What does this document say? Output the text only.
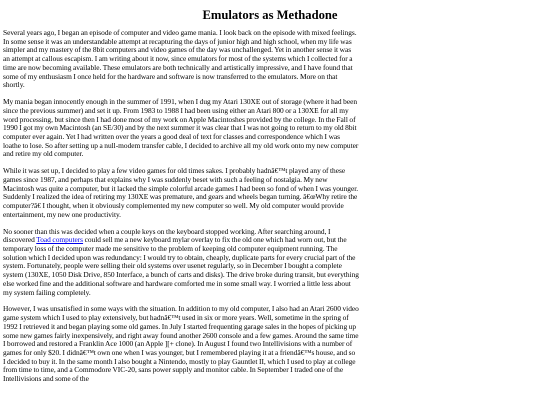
Emulators as Methadone

Several years ago, I began an episode of computer and video game mania. I look back on the episode with mixed feelings. In some sense it was an understandable attempt at recapturing the days of junior high and high school, when my life was simpler and my mastery of the 8bit computers and video games of the day was unchallenged. Yet in another sense it was an attempt at callous escapism. I am writing about it now, since emulators for most of the systems which I collected for a time are now becoming available. These emulators are both technically and artistically impressive, and I have found that some of my enthusiasm I once held for the hardware and software is now transferred to the emulators. More on that shortly.

My mania began innocently enough in the summer of 1991, when I dug my Atari 130XE out of storage (where it had been since the previous summer) and set it up. From 1983 to 1988 I had been using either an Atari 800 or a 130XE for all my word processing, but since then I had done most of my work on Apple Macintoshes provided by the college. In the Fall of 1990 I got my own Macintosh (an SE/30) and by the next summer it was clear that I was not going to return to my old 8bit computer ever again. Yet I had written over the years a good deal of text for classes and correspondence which I was loathe to lose. So after setting up a null-modem transfer cable, I decided to archive all my old work onto my new computer and retire my old computer.

While it was set up, I decided to play a few video games for old times sakes. I probably hadnâ€™t played any of these games since 1987, and perhaps that explains why I was suddenly beset with such a feeling of nostalgia. My new Macintosh was quite a computer, but it lacked the simple colorful arcade games I had been so fond of when I was younger. Suddenly I realized the idea of retiring my 130XE was premature, and gears and wheels began turning. â€œWhy retire the computer?â€ I thought, when it obviously complemented my new computer so well. My old computer would provide entertainment, my new one productivity.

No sooner than this was decided when a couple keys on the keyboard stopped working. After searching around, I discovered Toad computers could sell me a new keyboard mylar overlay to fix the old one which had worn out, but the temporary loss of the computer made me sensitive to the problem of keeping old computer equipment running. The solution which I decided upon was redundancy: I would try to obtain, cheaply, duplicate parts for every crucial part of the system. Fortunately, people were selling their old systems over usenet regularly, so in December I bought a complete system (130XE, 1050 Disk Drive, 850 Interface, a bunch of carts and disks). The drive broke during transit, but everything else worked fine and the additional software and hardware comforted me in some small way. I worried a little less about my system failing completely.

However, I was unsatisfied in some ways with the situation. In addition to my old computer, I also had an Atari 2600 video game system which I used to play extensively, but hadnâ€™t used in six or more years. Well, sometime in the spring of 1992 I retrieved it and began playing some old games. In July I started frequenting garage sales in the hopes of picking up some new games fairly inexpensively, and right away found another 2600 console and a few games. Around the same time I borrowed and restored a Franklin Ace 1000 (an Apple ][+ clone). In August I found two Intellivisions with a number of games for only $20. I didnâ€™t own one when I was younger, but I remembered playing it at a friendâ€™s house, and so I decided to buy it. In the same month I also bought a Nintendo, mostly to play Gauntlet II, which I used to play at college from time to time, and a Commodore VIC-20, sans power supply and monitor cable. In September I traded one of the Intellivisions and some of the
